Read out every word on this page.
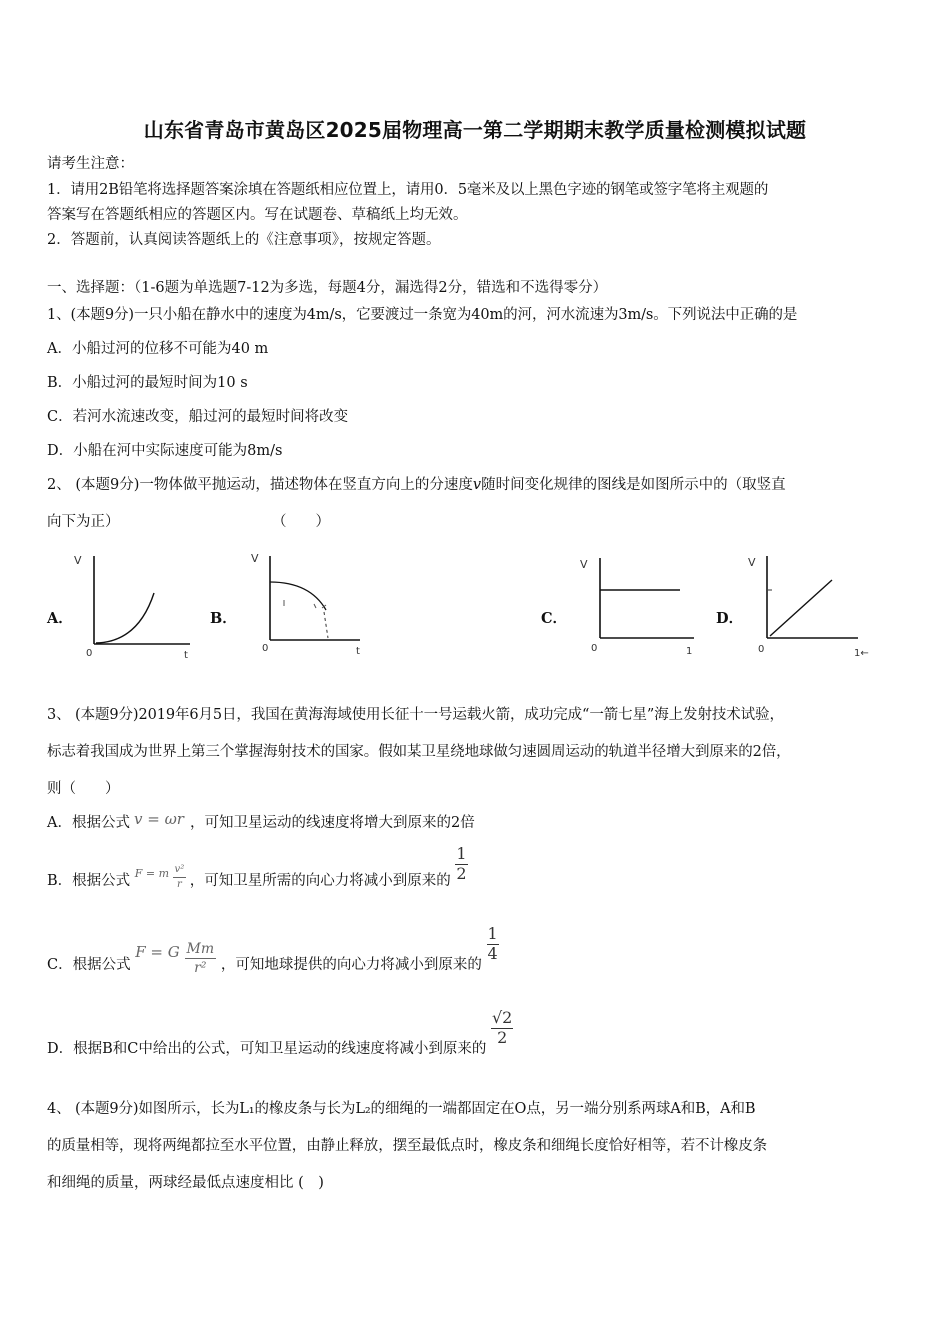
山东省青岛市黄岛区2025届物理高一第二学期期末教学质量检测模拟试题
请考生注意：
1．请用2B铅笔将选择题答案涂填在答题纸相应位置上，请用0．5毫米及以上黑色字迹的钢笔或签字笔将主观题的
答案写在答题纸相应的答题区内。写在试题卷、草稿纸上均无效。
2．答题前，认真阅读答题纸上的《注意事项》，按规定答题。
一、选择题：（1-6题为单选题7-12为多选，每题4分，漏选得2分，错选和不选得零分）
1、(本题9分)一只小船在静水中的速度为4m/s，它要渡过一条宽为40m的河，河水流速为3m/s。下列说法中正确的是
A．小船过河的位移不可能为40 m
B．小船过河的最短时间为10 s
C．若河水流速改变，船过河的最短时间将改变
D．小船在河中实际速度可能为8m/s
2、 (本题9分)一物体做平抛运动，描述物体在竖直方向上的分速度v随时间变化规律的图线是如图所示中的（取竖直
向下为正）	（　　）
A．
V
0	t
B．
V
0	t
C．
V
0	1
D．
V
0	1←
3、 (本题9分)2019年6月5日，我国在黄海海域使用长征十一号运载火箭，成功完成“一箭七星”海上发射技术试验，
标志着我国成为世界上第三个掌握海射技术的国家。假如某卫星绕地球做匀速圆周运动的轨道半径增大到原来的2倍，
则（　　）
A．根据公式 v = ωr ，可知卫星运动的线速度将增大到原来的2倍
B．根据公式 F = m $\frac{\text{v²}}{r}$ ，可知卫星所需的向心力将减小到原来的 $\frac{1}{2}$
C．根据公式 F = G $\frac{Mm}{\text{r²}}$ ，可知地球提供的向心力将减小到原来的
$\frac{1}{4}$
D．根据B和C中给出的公式，可知卫星运动的线速度将减小到原来的
$\frac{√2}{2}$
4、 (本题9分)如图所示，长为L₁的橡皮条与长为L₂的细绳的一端都固定在O点，另一端分别系两球A和B，A和B
的质量相等，现将两绳都拉至水平位置，由静止释放，摆至最低点时，橡皮条和细绳长度恰好相等，若不计橡皮条
和细绳的质量，两球经最低点速度相比 (　)
